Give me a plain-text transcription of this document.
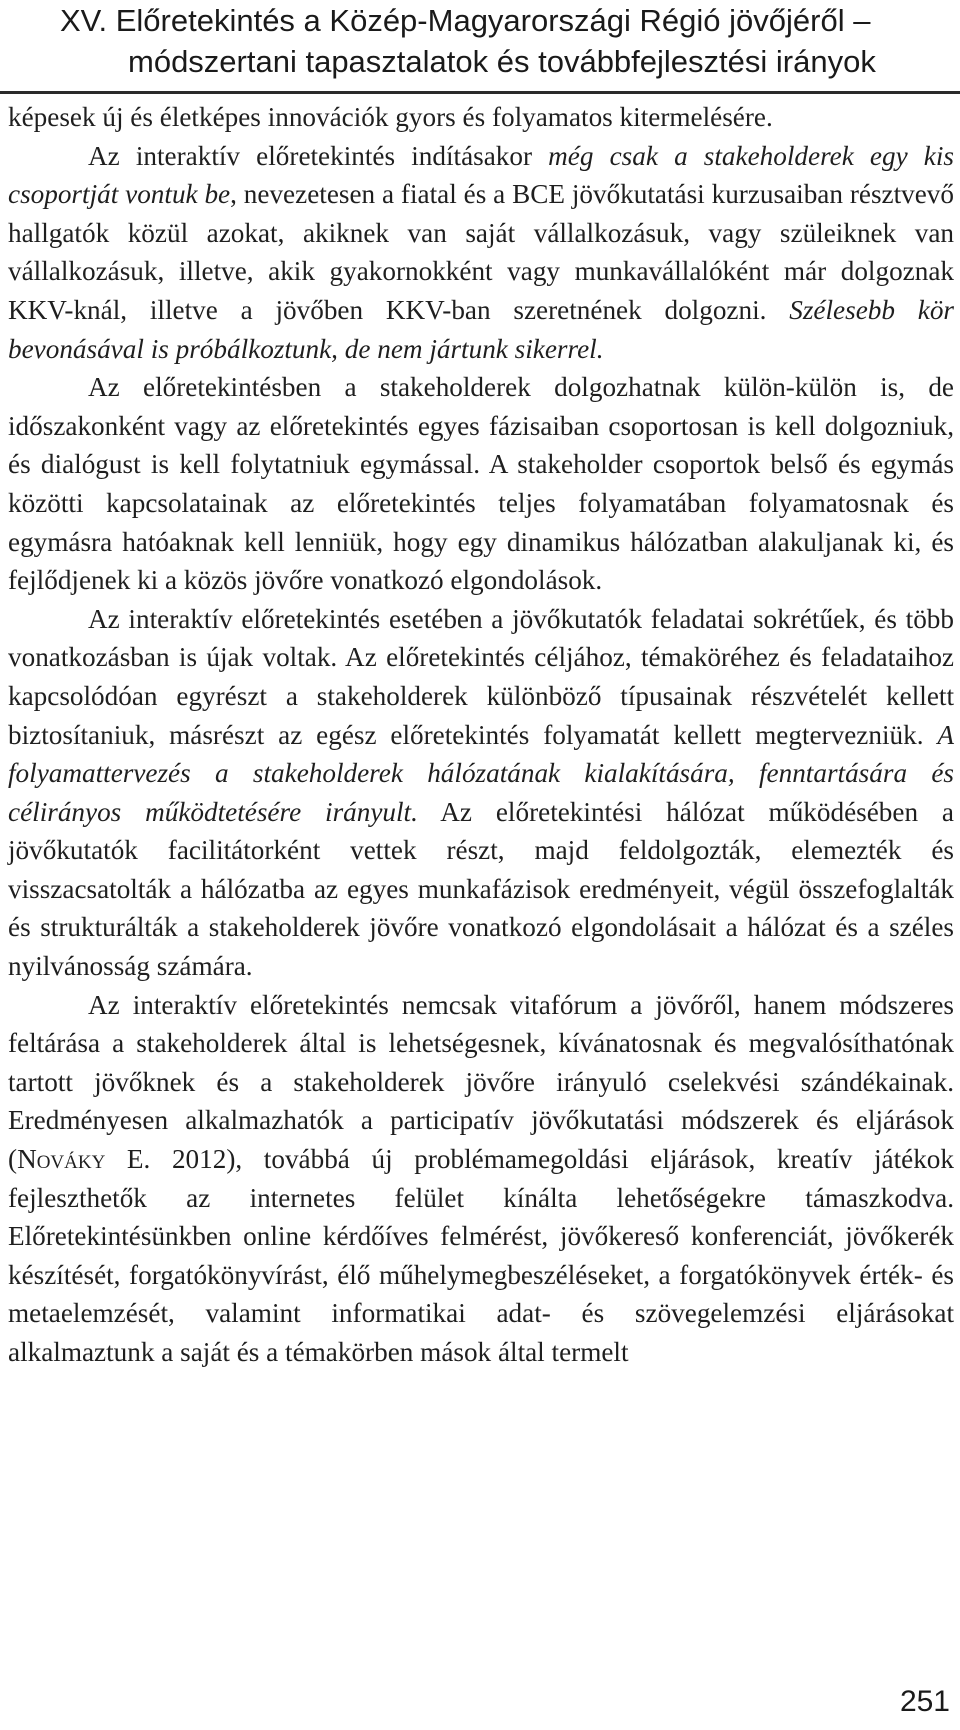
XV. Előretekintés a Közép-Magyarországi Régió jövőjéről –
módszertani tapasztalatok és továbbfejlesztési irányok

képesek új és életképes innovációk gyors és folyamatos kitermelésére.

Az interaktív előretekintés indításakor még csak a stakeholderek egy kis csoportját vontuk be, nevezetesen a fiatal és a BCE jövőkutatási kurzusaiban résztvevő hallgatók közül azokat, akiknek van saját vállalkozásuk, vagy szüleiknek van vállalkozásuk, illetve, akik gyakornokként vagy munkavállalóként már dolgoznak KKV-knál, illetve a jövőben KKV-ban szeretnének dolgozni. Szélesebb kör bevonásával is próbálkoztunk, de nem jártunk sikerrel.

Az előretekintésben a stakeholderek dolgozhatnak külön-külön is, de időszakonként vagy az előretekintés egyes fázisaiban csoportosan is kell dolgozniuk, és dialógust is kell folytatniuk egymással. A stakeholder csoportok belső és egymás közötti kapcsolatainak az előretekintés teljes folyamatában folyamatosnak és egymásra hatóaknak kell lenniük, hogy egy dinamikus hálózatban alakuljanak ki, és fejlődjenek ki a közös jövőre vonatkozó elgondolások.

Az interaktív előretekintés esetében a jövőkutatók feladatai sokrétűek, és több vonatkozásban is újak voltak. Az előretekintés céljához, témaköréhez és feladataihoz kapcsolódóan egyrészt a stakeholderek különböző típusainak részvételét kellett biztosítaniuk, másrészt az egész előretekintés folyamatát kellett megtervezniük. A folyamattervezés a stakeholderek hálózatának kialakítására, fenntartására és célirányos működtetésére irányult. Az előretekintési hálózat működésében a jövőkutatók facilitátorként vettek részt, majd feldolgozták, elemezték és visszacsatolták a hálózatba az egyes munkafázisok eredményeit, végül összefoglalták és strukturálták a stakeholderek jövőre vonatkozó elgondolásait a hálózat és a széles nyilvánosság számára.

Az interaktív előretekintés nemcsak vitafórum a jövőről, hanem módszeres feltárása a stakeholderek által is lehetségesnek, kívánatosnak és megvalósíthatónak tartott jövőknek és a stakeholderek jövőre irányuló cselekvési szándékainak. Eredményesen alkalmazhatók a participatív jövőkutatási módszerek és eljárások (Nováky E. 2012), továbbá új problémamegoldási eljárások, kreatív játékok fejleszthetők az internetes felület kínálta lehetőségekre támaszkodva. Előretekintésünkben online kérdőíves felmérést, jövőkereső konferenciát, jövőkerék készítését, forgatókönyvírást, élő műhelymegbeszéléseket, a forgatókönyvek érték- és metaelemzését, valamint informatikai adat- és szövegelemzési eljárásokat alkalmaztunk a saját és a témakörben mások által termelt

251
